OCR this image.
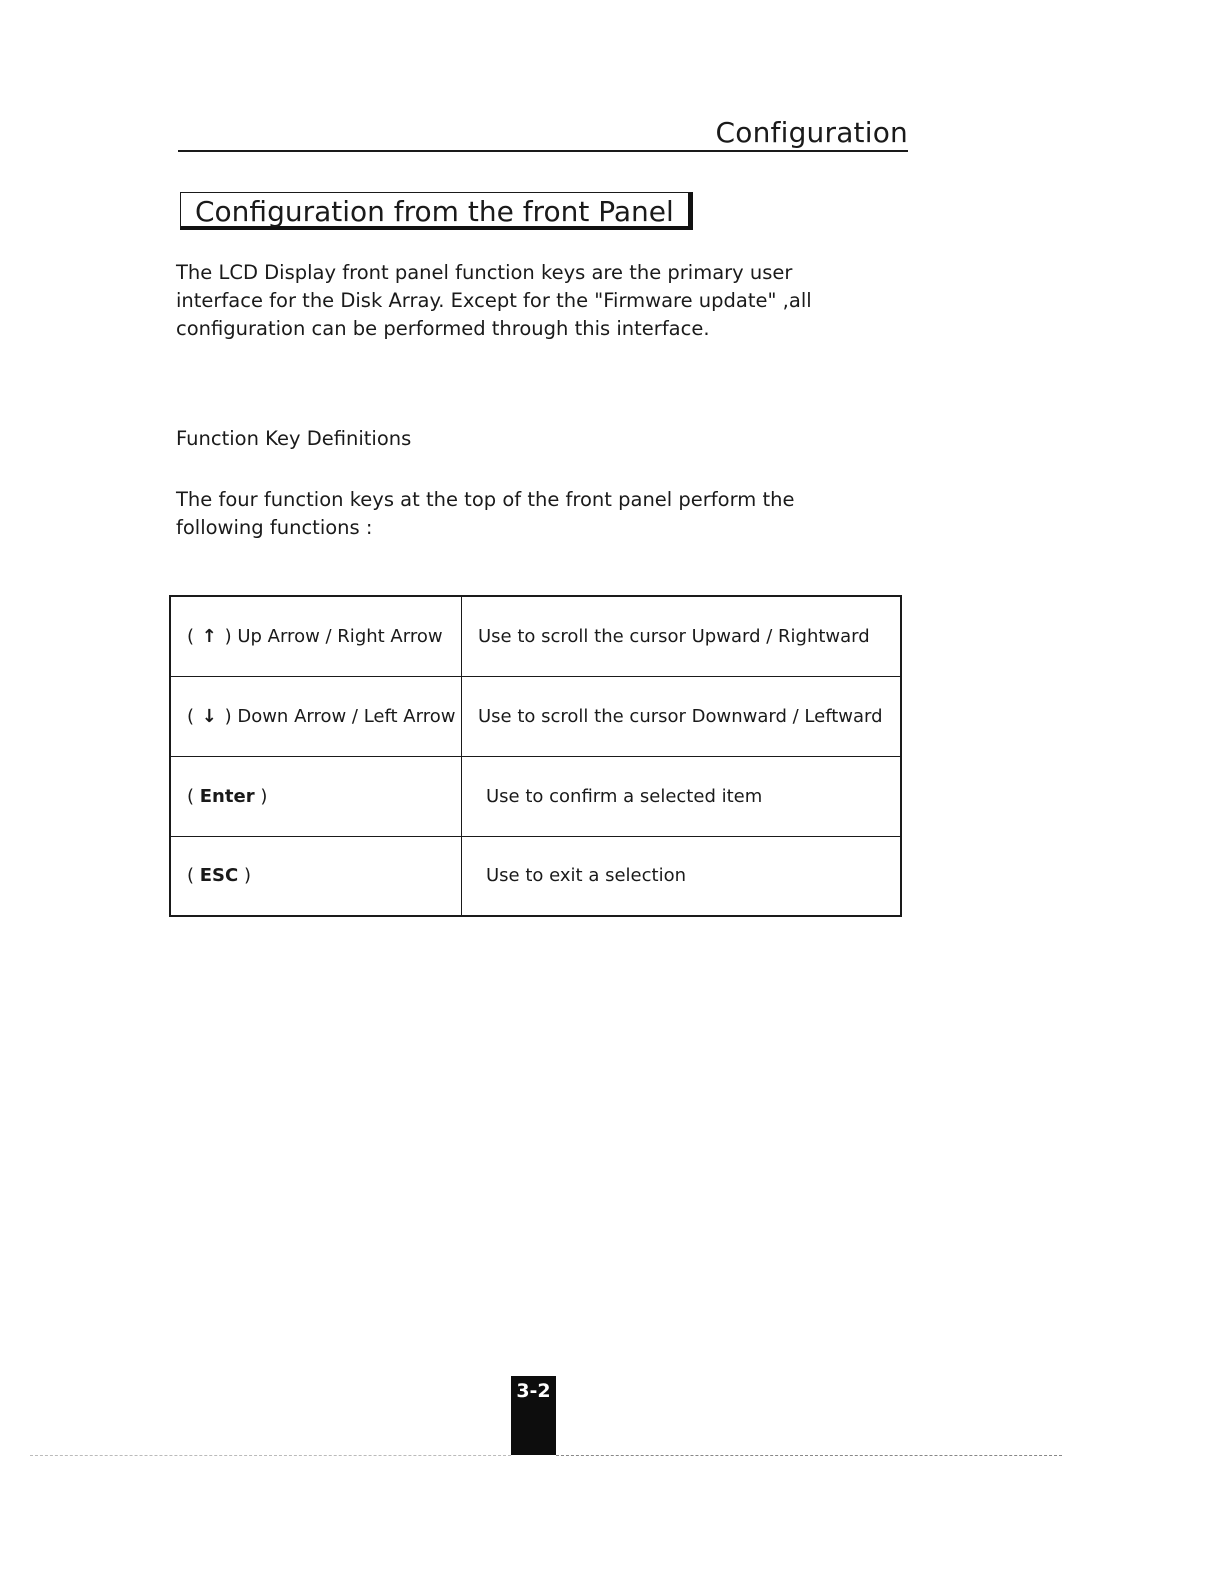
Configuration
Configuration from the front Panel
The LCD Display front panel function keys are the primary user interface for the Disk Array. Except for the "Firmware update" ,all configuration can be performed through this interface.
Function Key Definitions
The four function keys at the top of the front panel perform the following functions :
( ↑ ) Up Arrow / Right Arrow	Use to scroll the cursor Upward / Rightward
( ↓ ) Down Arrow / Left Arrow	Use to scroll the cursor Downward / Leftward
( Enter )	Use to confirm a selected item
( ESC )	Use to exit a selection
3-2
